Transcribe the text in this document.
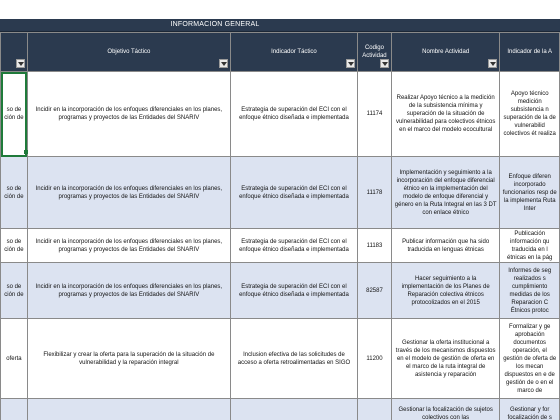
INFORMACION GENERAL

	Objetivo Táctico	Indicador Táctico	Codigo Actividad	Nombre Actividad	Indicador de la A

so de ción de	Incidir en la incorporación de los enfoques diferenciales en los planes, programas y proyectos de las Entidades del SNARIV	Estrategia de superación del ECI con el enfoque étnico diseñada e implementada	11174	Realizar Apoyo técnico a la medición de la subsistencia mínima y superación de la situación de vulnerabilidad para colectivos étnicos en el marco del modelo ecocultural	Apoyo técnico medición subsistencia n superación de la de vulnerabilid colectivos ét realiza
so de ción de	Incidir en la incorporación de los enfoques diferenciales en los planes, programas y proyectos de las Entidades del SNARIV	Estrategia de superación del ECI con el enfoque étnico diseñada e implementada	11178	Implementación y seguimiento a la incorporación del enfoque diferencial étnico en la implementación del modelo de enfoque diferencial y género en la Ruta Integral en las 3 DT con enlace étnico	Enfoque diferen incorporado funcionarios resp de la implementa Ruta Inter
so de ción de	Incidir en la incorporación de los enfoques diferenciales en los planes, programas y proyectos de las Entidades del SNARIV	Estrategia de superación del ECI con el enfoque étnico diseñada e implementada	11183	Publicar información que ha sido traducida en lenguas étnicas	Publicación información qu traducida en l étnicas en la pág
so de ción de	Incidir en la incorporación de los enfoques diferenciales en los planes, programas y proyectos de las Entidades del SNARIV	Estrategia de superación del ECI con el enfoque étnico diseñada e implementada	82587	Hacer seguimiento a la implementación de los Planes de Reparación colectiva étnicos protocolizados en el 2015	Informes de seg realizados s cumplimiento medidas de los Reparacion C Étnicos protoc
oferta	Flexibilizar y crear la oferta para la superación de la situación de vulnerabilidad y la reparación integral	Inclusion efectiva de las solicitudes de acceso a oferta retroalimentadas en SIGO	11200	Gestionar la oferta institucional a través de los mecanismos dispuestos en el modelo de gestión de oferta en el marco de la ruta integral de asistencia y reparación	Formalizar y ge aprobación documentos operación, el gestión de oferta de los mecan dispuestos en e de gestión de o en el marco de
				Gestionar la focalización de sujetos colectivos con las	Gestionar y for focalización de s
